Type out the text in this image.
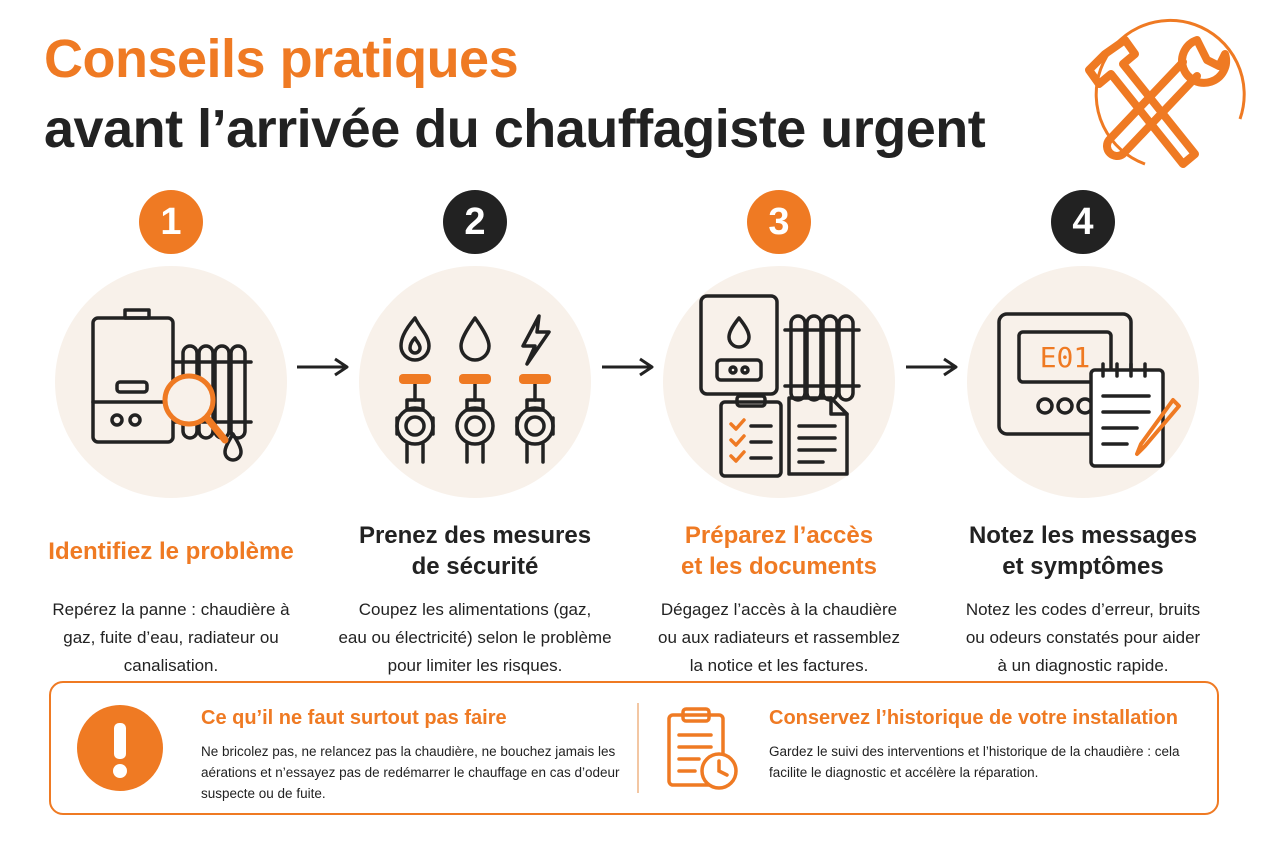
Conseils pratiques
avant l’arrivée du chauffagiste urgent
1
Identifiez le problème
Repérez la panne : chaudière à
gaz, fuite d’eau, radiateur ou
canalisation.
2
Prenez des mesures
de sécurité
Coupez les alimentations (gaz,
eau ou électricité) selon le problème
pour limiter les risques.
3
Préparez l’accès
et les documents
Dégagez l’accès à la chaudière
ou aux radiateurs et rassemblez
la notice et les factures.
4
E01
Notez les messages
et symptômes
Notez les codes d’erreur, bruits
ou odeurs constatés pour aider
à un diagnostic rapide.
Ce qu’il ne faut surtout pas faire
Ne bricolez pas, ne relancez pas la chaudière, ne bouchez jamais les aérations et n’essayez pas de redémarrer le chauffage en cas d’odeur suspecte ou de fuite.
Conservez l’historique de votre installation
Gardez le suivi des interventions et l’historique de la chaudière : cela facilite le diagnostic et accélère la réparation.
